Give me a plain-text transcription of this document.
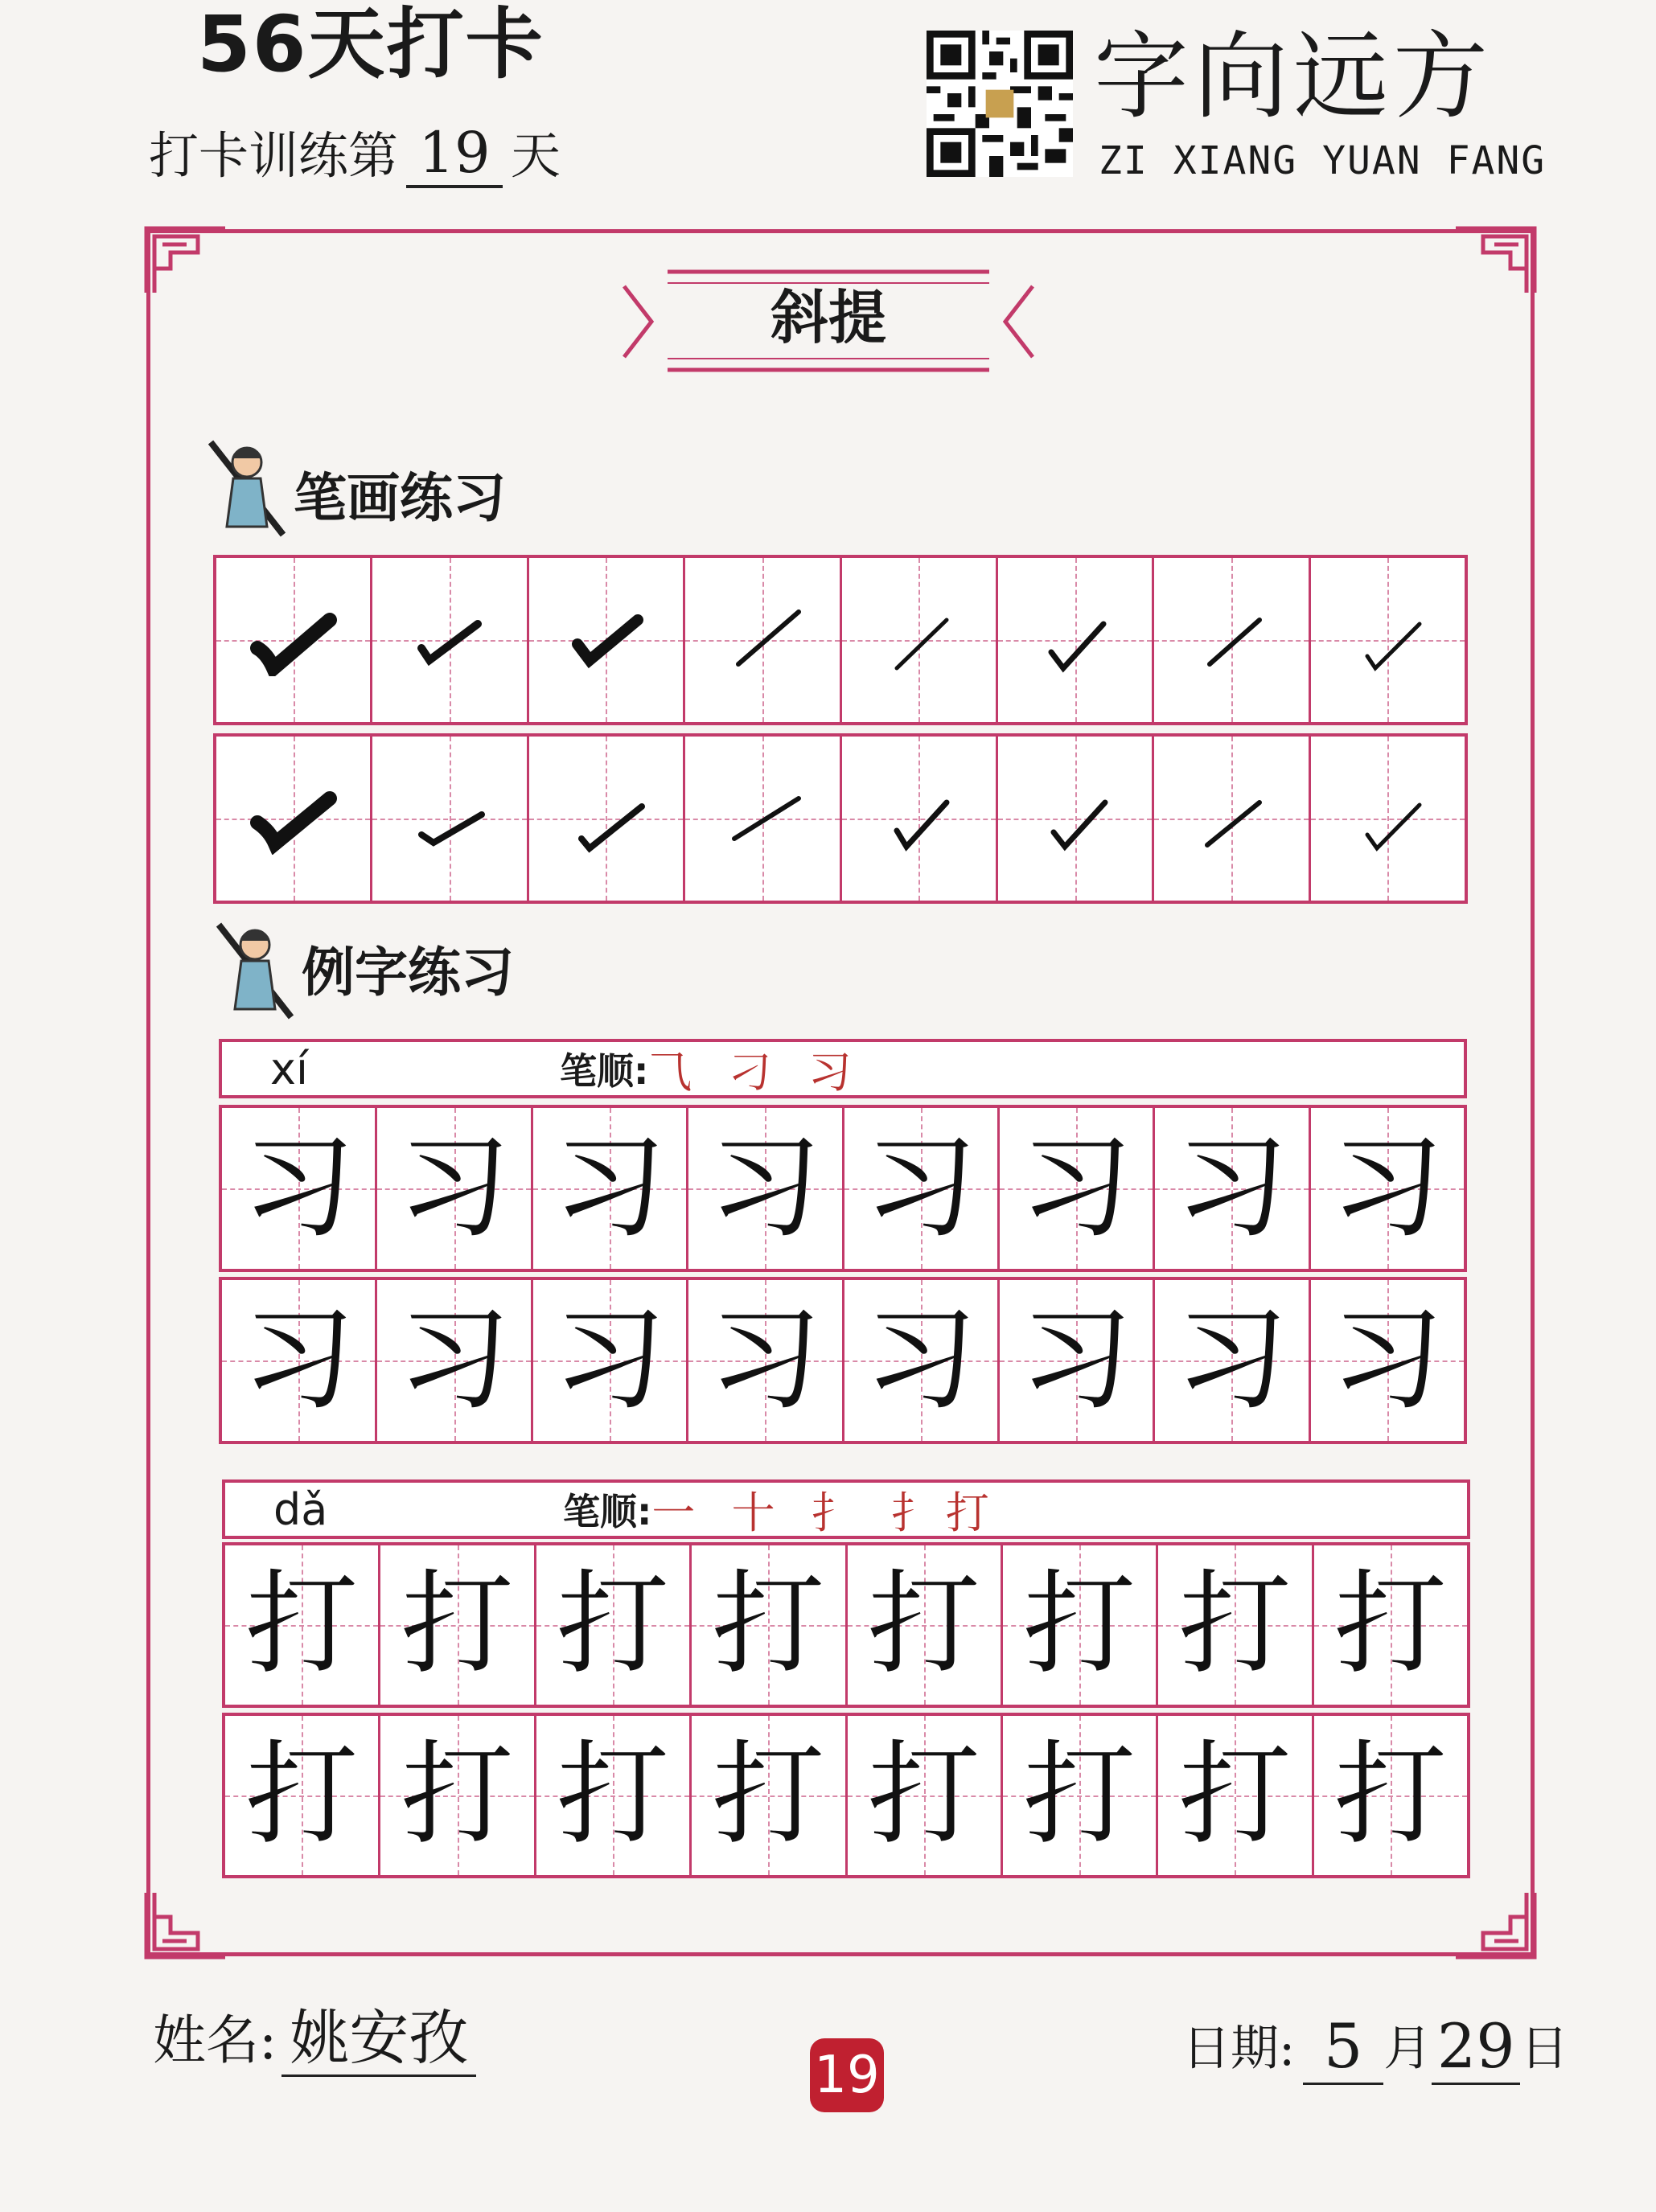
56天打卡
打卡训练第 19 天
字向远方
ZI XIANG YUAN FANG
斜提
笔画练习
例字练习
xí	笔顺: ⺄ 刁 习
习 习 习 习 习 习 习 习
习 习 习 习 习 习 习 习
dǎ	笔顺: 一 十 扌 扌打
打 打 打 打 打 打 打 打
打 打 打 打 打 打 打 打
姓名: 姚安孜
19	日期: 5 月 29 日
